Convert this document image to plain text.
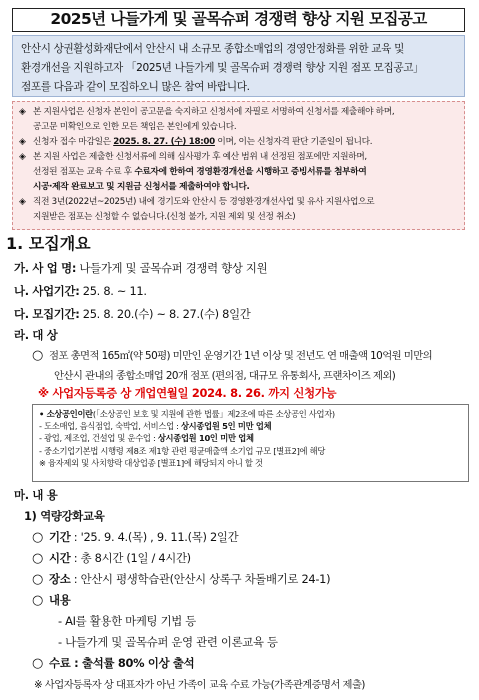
2025년 나들가게 및 골목슈퍼 경쟁력 향상 지원 모집공고
안산시 상권활성화재단에서 안산시 내 소규모 종합소매업의 경영안정화를 위한 교육 및
환경개선을 지원하고자 「2025년 나들가게 및 골목슈퍼 경쟁력 향상 지원 점포 모집공고」
점포를 다음과 같이 모집하오니 많은 참여 바랍니다.
◈ 본 지원사업은 신청자 본인이 공고문을 숙지하고 신청서에 자필로 서명하여 신청서를 제출해야 하며,
공고문 미확인으로 인한 모든 책임은 본인에게 있습니다.
◈ 신청자 접수 마감일은 2025. 8. 27. (수) 18:00 이며, 이는 신청자격 판단 기준일이 됩니다.
◈ 본 지원 사업은 제출한 신청서류에 의해 심사평가 후 예산 범위 내 선정된 점포에만 지원하며,
선정된 점포는 교육 수료 후 수료자에 한하여 경영환경개선을 시행하고 증빙서류를 첨부하여
시공·제작 완료보고 및 지원금 신청서를 제출하여야 합니다.
◈ 직전 3년(2022년~2025년) 내에 경기도와 안산시 등 경영환경개선사업 및 유사 지원사업으로
지원받은 점포는 신청할 수 없습니다.(신청 불가, 지원 제외 및 선정 취소)
1. 모집개요
가. 사 업 명: 나들가게 및 골목슈퍼 경쟁력 향상 지원
나. 사업기간: 25. 8. ~ 11.
다. 모집기간: 25. 8. 20.(수) ~ 8. 27.(수) 8일간
라. 대 상
○ 점포 총면적 165㎡(약 50평) 미만인 운영기간 1년 이상 및 전년도 연 매출액 10억원 미만의
안산시 관내의 종합소매업 20개 점포 (편의점, 대규모 유통회사, 프랜차이즈 제외)
※ 사업자등록증 상 개업연월일 2024. 8. 26. 까지 신청가능
• 소상공인이란(「소상공인 보호 및 지원에 관한 법률」제2조에 따른 소상공인 사업자)
- 도소매업, 음식점업, 숙박업, 서비스업 : 상시종업원 5인 미만 업체
- 광업, 제조업, 건설업 및 운수업 : 상시종업원 10인 미만 업체
- 중소기업기본법 시행령 제8조 제1항 관련 평균매출액 소기업 규모 [별표2]에 해당
※ 융자제외 및 사치향락 대상업종 [별표1]에 해당되지 아니 할 것
마. 내 용
1) 역량강화교육
○ 기간 : '25. 9. 4.(목) , 9. 11.(목) 2일간
○ 시간 : 총 8시간 (1일 / 4시간)
○ 장소 : 안산시 평생학습관(안산시 상록구 차돌배기로 24-1)
○ 내용
- AI를 활용한 마케팅 기법 등
- 나들가게 및 골목슈퍼 운영 관련 이론교육 등
○ 수료 : 출석률 80% 이상 출석
※ 사업자등록자 상 대표자가 아닌 가족이 교육 수료 가능(가족관계증명서 제출)
